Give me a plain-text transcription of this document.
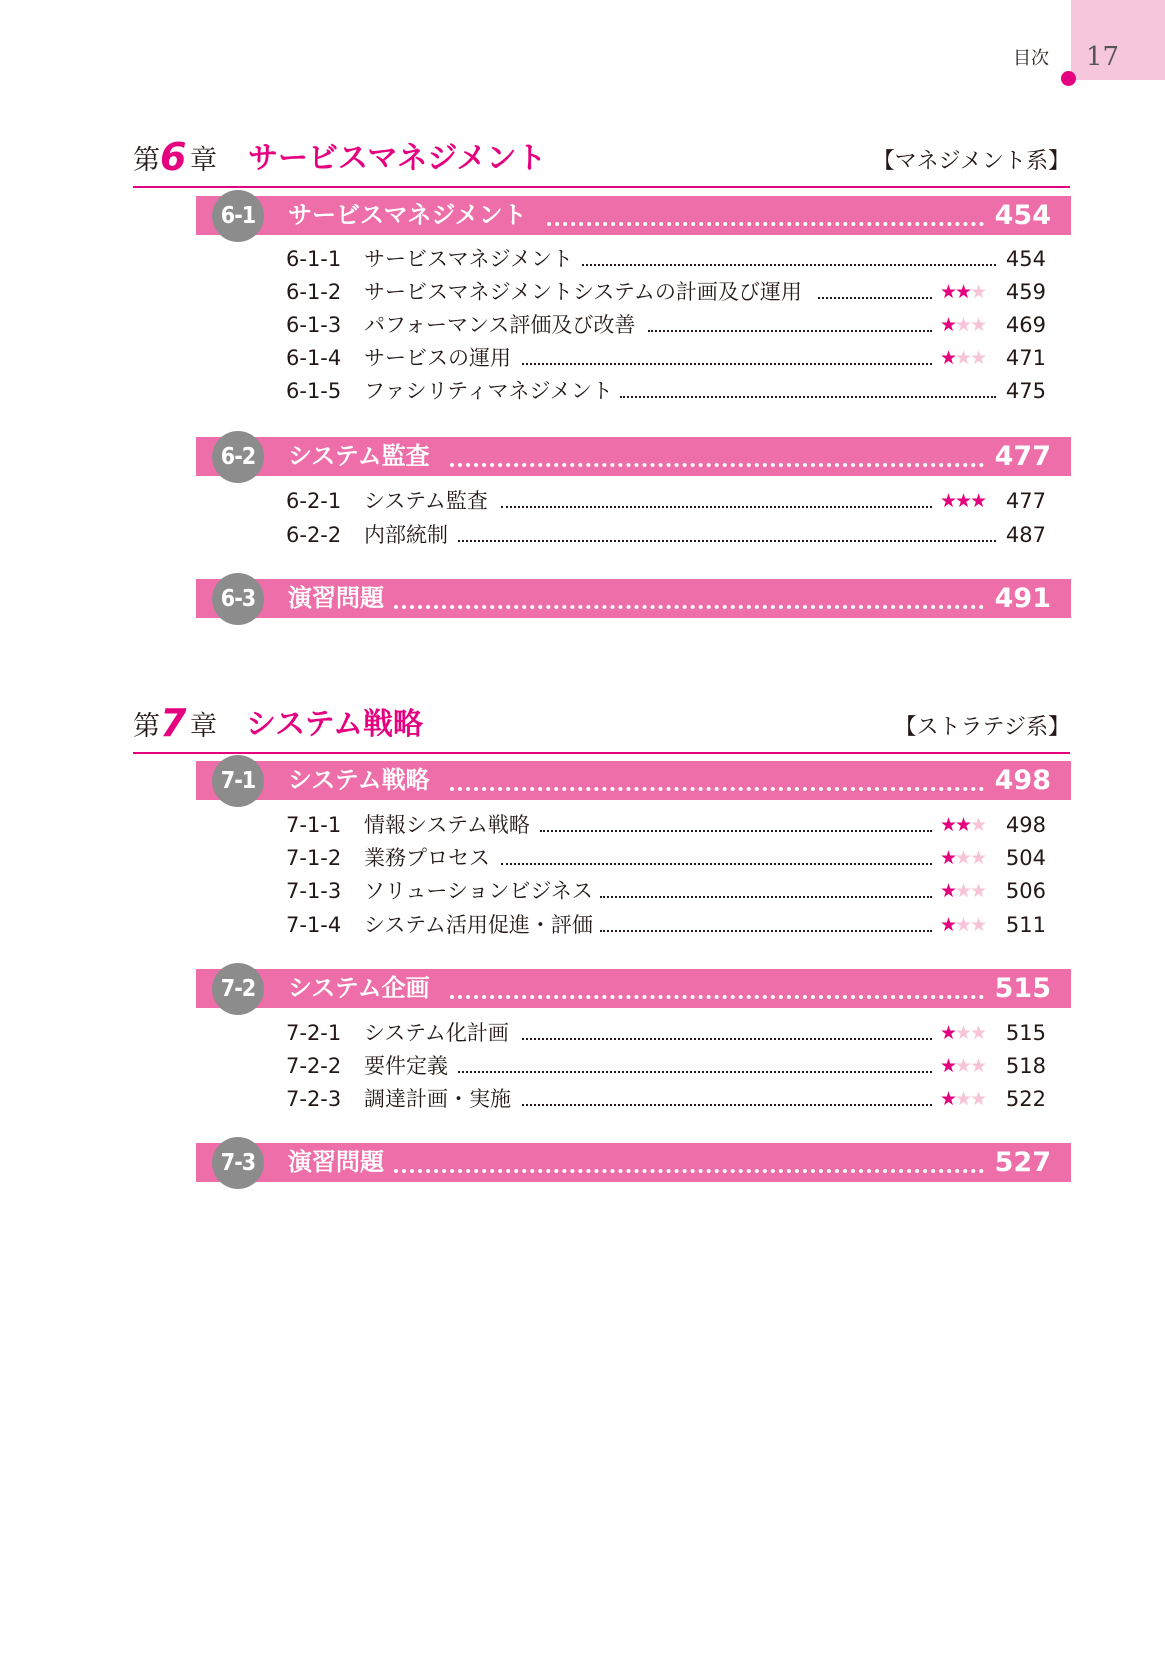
目次 17
第 6 章 サービスマネジメント	【マネジメント系】
6-1	サービスマネジメント	454
6-1-1 サービスマネジメント	454
6-1-2 サービスマネジメントシステムの計画及び運用	★★★ 459
6-1-3 パフォーマンス評価及び改善	★★★ 469
6-1-4 サービスの運用	★★★ 471
6-1-5 ファシリティマネジメント	475
6-2	システム監査	477
6-2-1 システム監査	★★★ 477
6-2-2 内部統制	487
6-3	演習問題	491
第 7 章 システム戦略	【ストラテジ系】
7-1	システム戦略	498
7-1-1 情報システム戦略	★★★ 498
7-1-2 業務プロセス	★★★ 504
7-1-3 ソリューションビジネス	★★★ 506
7-1-4 システム活用促進・評価	★★★ 511
7-2	システム企画	515
7-2-1 システム化計画	★★★ 515
7-2-2 要件定義	★★★ 518
7-2-3 調達計画・実施	★★★ 522
7-3	演習問題	527
